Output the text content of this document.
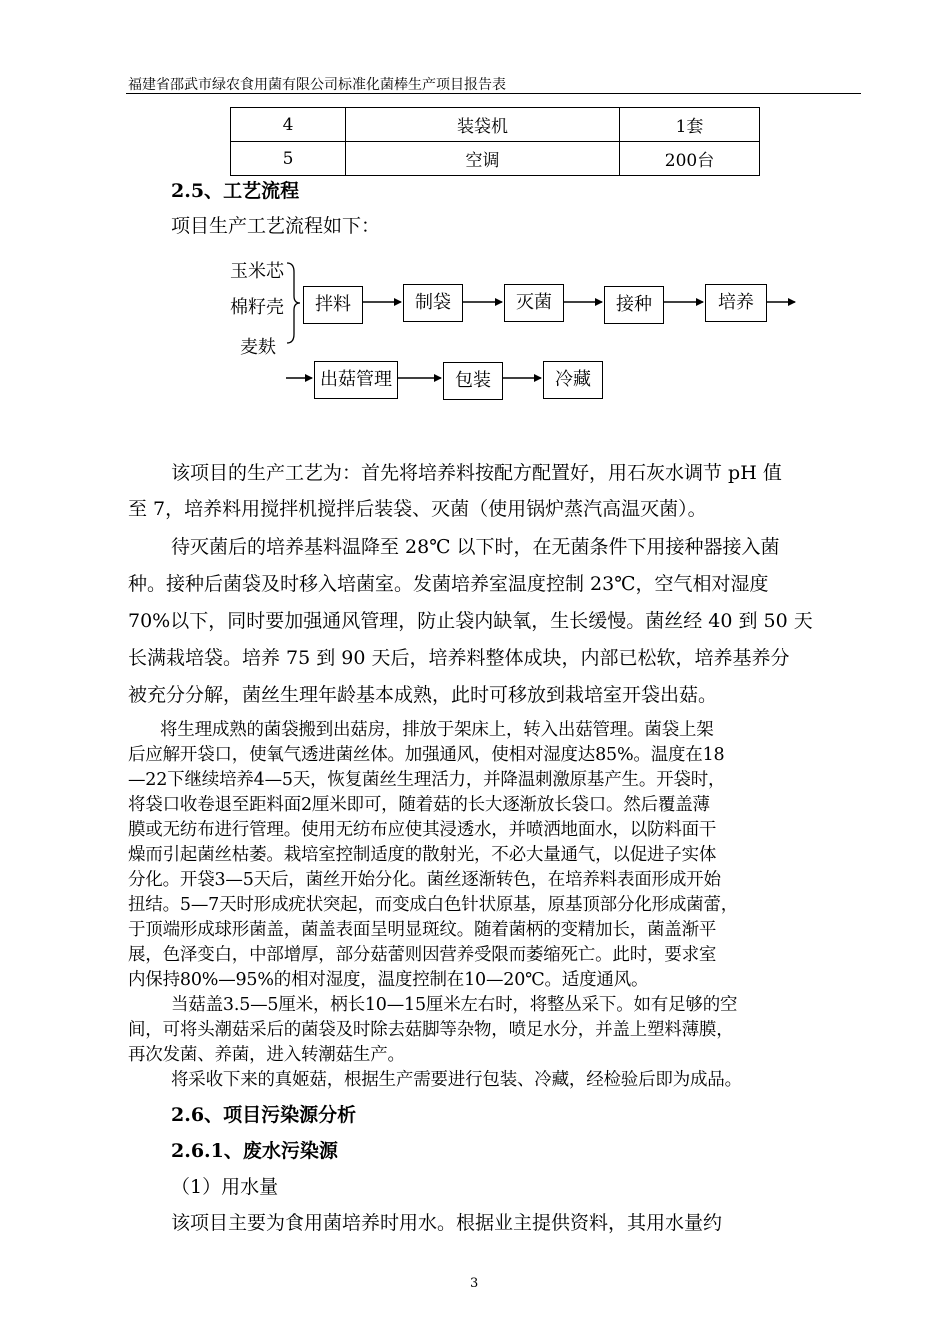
福建省邵武市绿农食用菌有限公司标准化菌棒生产项目报告表
4	装袋机	1套
5	空调	200台
2.5、工艺流程
项目生产工艺流程如下：
玉米芯
棉籽壳
麦麸
拌料	制袋	灭菌	接种	培养
出菇管理	包装	冷藏
该项目的生产工艺为：首先将培养料按配方配置好，用石灰水调节 pH 值
至 7，培养料用搅拌机搅拌后装袋、灭菌（使用锅炉蒸汽高温灭菌）。
待灭菌后的培养基料温降至 28℃ 以下时，在无菌条件下用接种器接入菌
种。接种后菌袋及时移入培菌室。发菌培养室温度控制 23℃，空气相对湿度
70%以下，同时要加强通风管理，防止袋内缺氧，生长缓慢。菌丝经 40 到 50 天
长满栽培袋。培养 75 到 90 天后，培养料整体成块，内部已松软，培养基养分
被充分分解，菌丝生理年龄基本成熟，此时可移放到栽培室开袋出菇。
将生理成熟的菌袋搬到出菇房，排放于架床上，转入出菇管理。菌袋上架
后应解开袋口，使氧气透进菌丝体。加强通风，使相对湿度达85%。温度在18
—22下继续培养4—5天，恢复菌丝生理活力，并降温刺激原基产生。开袋时，
将袋口收卷退至距料面2厘米即可，随着菇的长大逐渐放长袋口。然后覆盖薄
膜或无纺布进行管理。使用无纺布应使其浸透水，并喷洒地面水，以防料面干
燥而引起菌丝枯萎。栽培室控制适度的散射光，不必大量通气，以促进子实体
分化。开袋3—5天后，菌丝开始分化。菌丝逐渐转色，在培养料表面形成开始
扭结。5—7天时形成疣状突起，而变成白色针状原基，原基顶部分化形成菌蕾，
于顶端形成球形菌盖，菌盖表面呈明显斑纹。随着菌柄的变精加长，菌盖渐平
展，色泽变白，中部增厚，部分菇蕾则因营养受限而萎缩死亡。此时，要求室
内保持80%—95%的相对湿度，温度控制在10—20℃。适度通风。
当菇盖3.5—5厘米，柄长10—15厘米左右时，将整丛采下。如有足够的空
间，可将头潮菇采后的菌袋及时除去菇脚等杂物，喷足水分，并盖上塑料薄膜，
再次发菌、养菌，进入转潮菇生产。
将采收下来的真姬菇，根据生产需要进行包装、冷藏，经检验后即为成品。
2.6、项目污染源分析
2.6.1、废水污染源
（1）用水量
该项目主要为食用菌培养时用水。根据业主提供资料，其用水量约
3
